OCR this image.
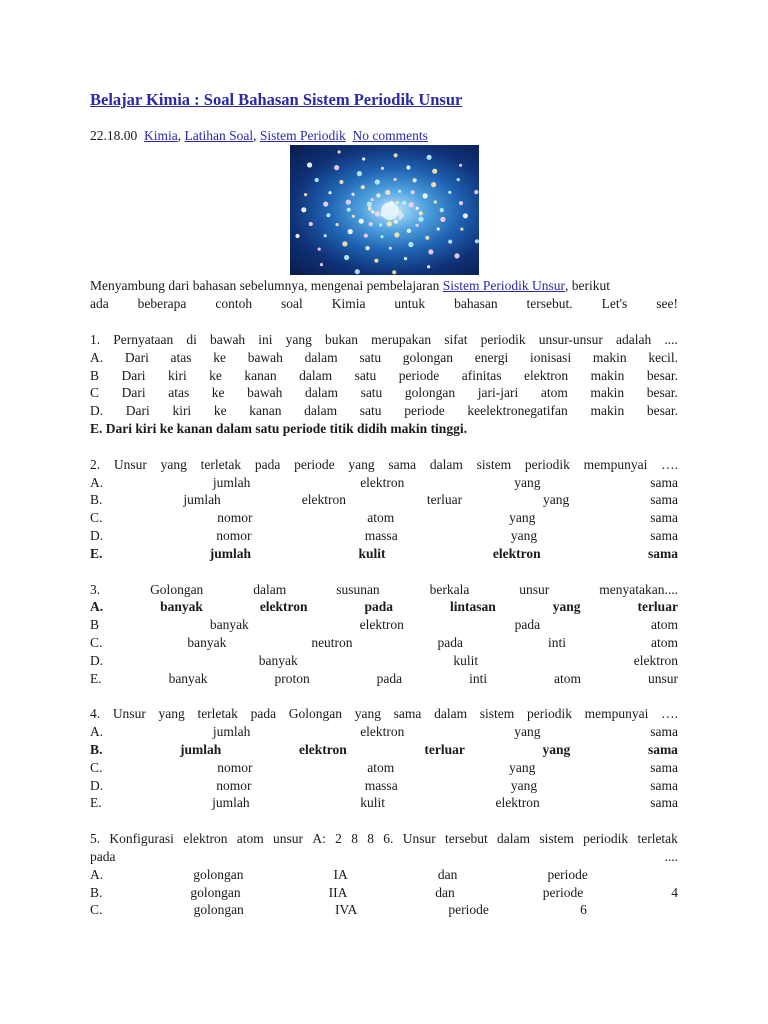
Belajar Kimia : Soal Bahasan Sistem Periodik Unsur
22.18.00 Kimia, Latihan Soal, Sistem Periodik No comments

Menyambung dari bahasan sebelumnya, mengenai pembelajaran
Sistem Periodik Unsur , berikut

ada beberapa contoh soal Kimia untuk bahasan tersebut. Let's see!

1. Pernyataan di bawah ini yang bukan merupakan sifat periodik unsur-unsur adalah ....
A. Dari atas ke bawah dalam satu golongan energi ionisasi makin kecil.
B Dari kiri ke kanan dalam satu periode afinitas elektron makin besar.
C Dari atas ke bawah dalam satu golongan jari-jari atom makin besar.
D. Dari kiri ke kanan dalam satu periode keelektronegatifan makin besar.
E. Dari kiri ke kanan dalam satu periode titik didih makin tinggi.
2. Unsur yang terletak pada periode yang sama dalam sistem periodik mempunyai ….
A.	jumlah	elektron	yang	sama
B.	jumlah	elektron	terluar	yang	sama
C.	nomor	atom	yang	sama
D.	nomor	massa	yang	sama
E.	jumlah	kulit	elektron	sama
3.	Golongan	dalam	susunan	berkala	unsur	menyatakan....
A.	banyak	elektron	pada	lintasan	yang	terluar
B	banyak	elektron	pada	atom
C.	banyak	neutron	pada	inti	atom
D.	banyak	kulit	elektron
E.	banyak	proton	pada	inti	atom	unsur
4. Unsur yang terletak pada Golongan yang sama dalam sistem periodik mempunyai ….
A.	jumlah	elektron	yang	sama
B.	jumlah	elektron	terluar	yang	sama
C.	nomor	atom	yang	sama
D.	nomor	massa	yang	sama
E.	jumlah	kulit	elektron	sama
5. Konfigurasi elektron atom unsur A: 2 8 8 6. Unsur tersebut dalam sistem periodik terletak
pada	....
A.	golongan	IA	dan	periode
B.	golongan	IIA	dan	periode	4
C.	golongan	IVA	periode	6
